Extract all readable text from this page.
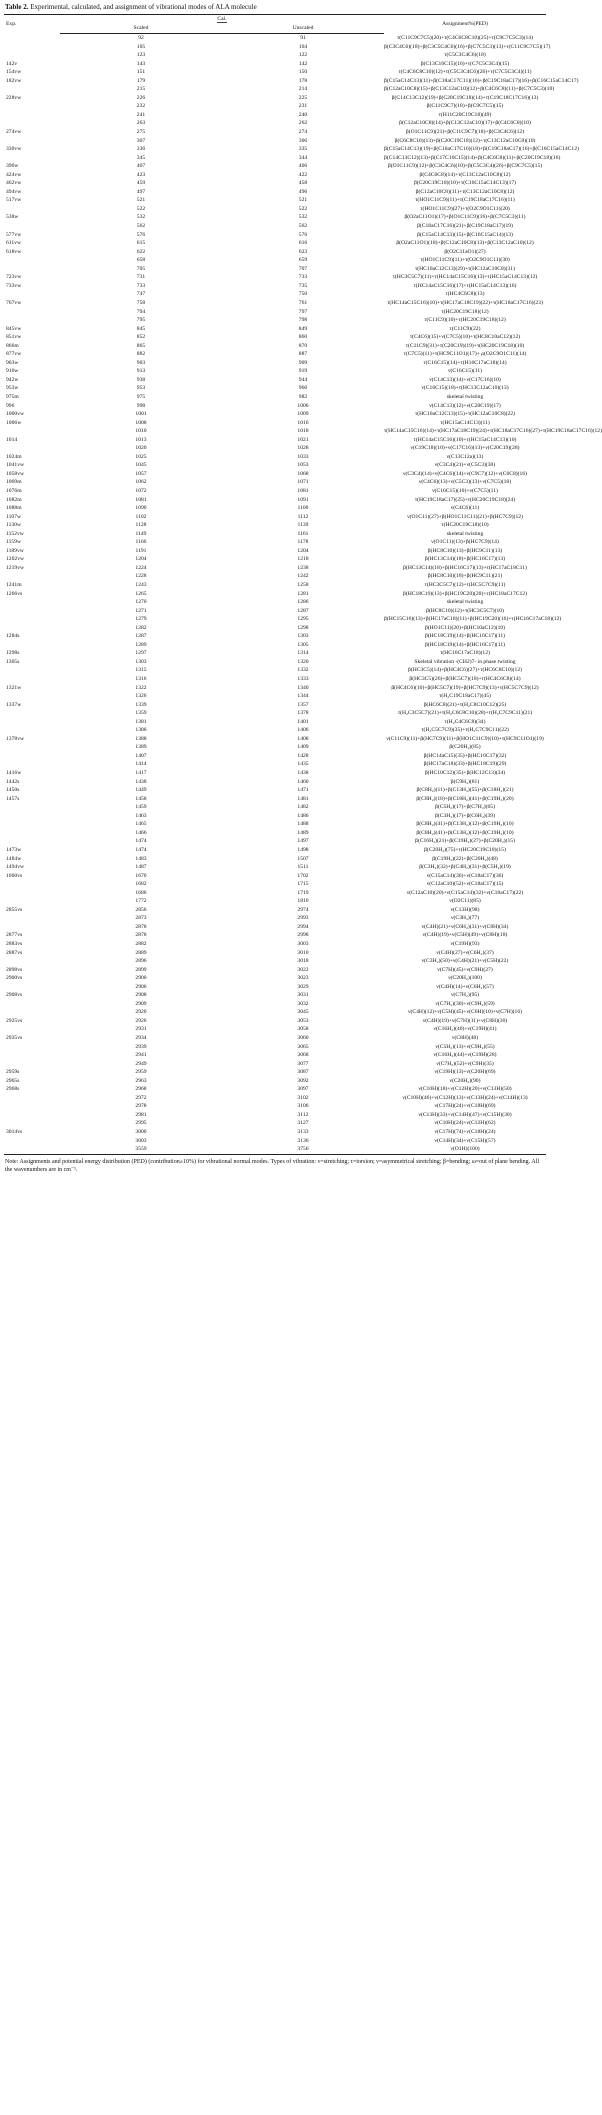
Table 2. Experimental, calculated, and assignment of vibrational modes of ALA molecule
Exp.	Cal.		Assignment%(PED)
	Scaled	Unscaled	
	92	91	τ(C11C9C7C5)(20)+τ(C4C6C8C10)(25)+τ(C9C7C5C3)(14)
	105	104	β(C3C4C6)(18)+β(C3C5C4C6)(16)+β(C7C5C3)(13)+τ(C11C9C7C5)(17)
	123	122	τ(C5C3C4C6)(18)
142v	143	142	β(C13C16C15)(16)+τ(C7C5C3C4)(15)
154vw	151	150	τ(C4C6C8C10)(12)+τ(C5C3C4C6)(26)+τ(C7C5C3C4)(11)
182vw	179	178	β(C15aC14C13)(11)+β(C18aC17C11)(16)+β(C19C18aC17)(16)+β(C16C15aC14C17)
	215	214	β(C12aC10C8)(15)+β(C13C12aC10)(12)+β(C4C6C8)(11)+β(C7C5C3)(10)
228vw	226	225	β(C14C13C12)(19)+β(C20C19C18)(14)+τ(C19C18C17C16)(13)
	232	231	β(C11C9C7)(18)+β(C9C7C5)(15)
	241	240	τ(H11C20C19C18)(49)
	263	262	β(C12aC10C8)(14)+β(C13C12aC10)(17)+β(C4C6C8)(10)
274vw	275	274	β(O1C11C9)(21)+β(C11C9C7)(18)+β(C3C4C6)(12)
	307	306	β(C6C8C10)(13)+β(C20C19C18)(12)+τ(C13C12aC10C8)(10)
330vw	336	335	β(C15aC14C13)(19)+β(C18aC17C16)(18)+β(C19C18aC17)(16)+β(C16C15aC14C12)
	345	344	β(C14C13C12)(13)+β(C17C16C15)(14)+β(C4C6C8)(11)+β(C20C19C18)(16)
396w	407	406	β(O1C11C9)(12)+β(C3C4C6)(10)+β(C5C3C4)(26)+β(C9C7C5)(15)
424vw	423	422	β(C4C6C8)(14)+τ(C13C12aC10C8)(12)
462vw	459	458	β(C20C19C18)(10)+τ(C16C15aC14C13)(17)
494vw	497	496	β(C12aC10C8)(11)+τ(C13C12aC10C8)(12)
517vw	521	521	τ(HO1C11C9)(11)+τ(C19C18aC17C16)(11)
	522	522	τ(HO1C11C9)(27)+τ(O2C9O1C11)(20)
538w	532	532	β(O2aC11O1)(17)+β(O1C11C9)(16)+β(C7C5C3)(11)
	562	562	β(C18aC17C16)(21)+β(C19C18aC17)(19)
577vw	576	576	β(C15aC14C13)(15)+β(C16C15aC14)(13)
611vw	615	616	β(O2aC11O1)(18)+β(C12aC10C8)(13)+β(C13C12aC10)(12)
618vw	622	623	β(O2C11aO1)(27)
	658	659	τ(HO1C11C9)(11)+τ(O2C9O1C11)(30)
	705	707	τ(HC10aC12C13)(29)+τ(HC12aC10C8)(31)
723vw	731	733	τ(HC3C5C7)(11)+τ(HC14aC15C16)(13)+τ(HC15aC14C13)(12)
733vw	733	735	τ(HC14aC15C16)(17)+τ(HC15aC14C13)(16)
	747	750	τ(HC4C6C8)(13)
767vw	758	761	τ(HC14aC15C16)(10)+τ(HC17aC18C19)(22)+τ(HC18aC17C16)(23)
	794	797	τ(HC20C19C18)(12)
	795	798	τ(C11C9)(10)+τ(HC20C19C18)(12)
845vw	845	849	τ(C11C9)(22)
851vw	852	860	τ(C4C6)(15)+ν(C7C5)(10)+τ(HC8C10aC12)(12)
866m	865	870	τ(C11C9)(31)+τ(C20C19)(19)+τ(HC20C19C18)(10)
877vw	882	887	τ(C7C5)(11)+τ(HC9C11O1)(17)+ ρ(O2C9O1C11)(14)
903w	903	909	τ(C16C15)(14)+τ(H16C17aC18)(14)
910w	913	919	ν(C16C15)(11)
942w	938	944	ν(C14C13)(14)+ν(C17C16)(10)
953w	953	960	ν(C16C15)(18)+τ(HC13C12aC10)(13)
975m	975	982	skeletal twisting
996	998	1006	ν(C14C13)(12)+ν(C20C19)(17)
1000vw	1001	1009	τ(HC10aC12C13)(15)+τ(HC12aC10C8)(22)
1006w	1008	1016	τ(HC15aC14C13)(11)
	1010	1018	τ(HC14aC15C16)(14)+τ(HC17aC18C19)(24)+τ(HC18aC17C16)(27)+τ(HC19C18aC17C16)(12)
1014	1013	1021	τ(HC14aC15C16)(10)+τ(HC15aC14C13)(10)
	1020	1028	ν(C19C18)(10)+ν(C17C16)(13)+ν(C20C19)(28)
1024m	1025	1033	ν(C13C12a)(13)
1041vw	1045	1053	ν(C3C4)(21)+ν(C5C3)(30)
1058vw	1057	1068	ν(C3C4)(14)+ν(C4C6)(14)+ν(C9C7)(12)+ν(C6C8)(16)
1069m	1062	1071	ν(C4C6)(13)+ν(C5C3)(13)+ν(C7C5)(18)
1076m	1072	1081	ν(C16C15)(10)+ν(C7C5)(11)
1082m	1081	1091	τ(HC19C18aC17)(25)+τ(HC20C19C18)(24)
1088m	1090	1100	ν(C4C6)(11)
1107w	1102	1112	ν(O1C11)(27)+β(HO1C11C11)(21)+β(HC7C9)(12)
1130w	1128	1139	τ(HC20C19C18)(10)
1152vw	1149	1161	skeletal twisting
1159w	1166	1178	ν(O1C11)(13)+β(HC7C9)(14)
1189vw	1191	1204	β(HC8C10)(13)+β(HC9C11)(13)
1202vw	1204	1218	β(HC13C14)(18)+β(HC16C17)(13)
1219vw	1224	1238	β(HC13C14)(18)+β(HC16C17)(13)+τ(HC17aC18C11)
	1228	1242	β(HC8C10)(18)+β(HC9C11)(21)
1241m	1243	1258	τ(HC3C5C7)(12)+τ(HC5C7C9)(11)
1266vs	1265	1281	β(HC18C19)(13)+β(HC19C20)(20)+τ(HC18aC17C12)
	1270	1286	skeletal twisting
	1271	1287	β(HC8C10)(12)+τ(HC3C5C7)(10)
	1279	1295	β(HC15C16)(13)+β(HC17aC18)(11)+β(HC19C20)(16)+τ(HC16C17aC18)(12)
	1282	1298	β(HO1C11)(20)+β(HC10aC12)(10)
1284s	1287	1303	β(HC18C19)(14)+β(HC16C17)(11)
	1289	1305	β(HC18C19)(14)+β(HC16C17)(11)
1298s	1297	1314	τ(HC16C17aC18)(12)
1305s	1303	1320	Skeletal vibration -(CH2)7- in phase twisting
	1315	1332	β(HC3C5)(14)+β(HC4C6)(27)+τ(HC6C8C10)(12)
	1316	1333	β(HC3C5)(26)+β(HC5C7)(18)+τ(HC4C6C8)(14)
1321w	1322	1340	β(HC4C6)(10)+β(HC5C7)(19)+β(HC7C9)(13)+τ(HC5C7C9)(12)
	1326	1344	τ(H₂C19C18aC17)(45)
1337w	1339	1357	β(HC6C8)(21)+τ(H₂C8C10C12)(25)
	1359	1378	τ(H₂C3C5C7)(21)+τ(H₂C6C8C10)(28)+τ(H₂C7C9C11)(21)
	1381	1401	τ(H₂C4C6C8)(34)
	1386	1406	τ(H₂C5C7C9)(35)+τ(H₂C7C9C11)(22)
1378vw	1388	1408	ν(C11C9)(11)+β(HC7C9)(11)+β(HO1C11C9)(10)+τ(HC9C11O1)(19)
	1389	1409	β(C20H₂)(85)
	1407	1428	β(HC14aC15)(35)+β(HC16C17)(32)
	1414	1435	β(HC17aC18)(33)+β(HC18C19)(29)
1416w	1417	1438	β(HC10C12)(35)+β(HC12C13)(34)
1442s	1438	1460	β(C9H₂)(81)
1450s	1449	1471	β(C8H₂)(11)+β(C13H₂)(55)+β(C18H₂)(21)
1457s	1458	1481	β(C8H₂)(18)+β(C18H₂)(41)+β(C19H₂)(20)
	1459	1482	β(C5H₂)(17)+β(C7H₂)(65)
	1463	1486	β(C3H₂)(17)+β(C6H₂)(39)
	1465	1488	β(C8H₂)(41)+β(C13H₂)(12)+β(C19H₂)(10)
	1466	1489	β(C8H₂)(41)+β(C13H₂)(12)+β(C19H₂)(10)
	1474	1497	β(C16H₂)(21)+β(C19H₂)(27)+β(C20H₂)(15)
1473w	1474	1498	β(C20H₂)(75)+τ(HC20C19C18)(15)
1484w	1483	1507	β(C19H₂)(22)+β(C20H₂)(48)
1494vw	1487	1511	β(C3H₂)(32)+β(C4H₂)(31)+β(C5H₂)(19)
1660vs	1670	1702	ν(C15aC14)(36)+ν(C18aC17)(36)
	1682	1715	ν(C12aC10)(52)+ν(C18aC17)(15)
	1686	1719	ν(C12aC10)(20)+ν(C15aC14)(32)+ν(C18aC17)(22)
	1772	1810	ν(O2C11)(85)
2855vs	2856	2974	ν(C13H)(98)
	2873	2993	ν(C3H₂)(77)
	2878	2994	ν(C4H)(21)+ν(C6H₂)(31)+ν(C8H)(34)
2877vs	2878	2998	ν(C4H)(19)+ν(C5H)(49)+ν(C8H)(18)
2883vs	2882	3003	ν(C19H)(93)
2887vs	2889	3010	ν(C4H)(27)+ν(C6H₂)(37)
	2896	3018	ν(C3H₂)(50)+ν(C4H)(21)+ν(C5H)(22)
2898vs	2899	3022	ν(C7H)(45)+ν(C9H)(27)
2900vs	2900	3023	ν(C20H₂)(100)
	2906	3029	ν(C4H)(14)+ν(C6H₂)(57)
2908vs	2908	3031	ν(C7H₂)(95)
	2909	3032	ν(C7H₂)(30)+ν(C9H₂)(59)
	2920	3045	ν(C4H)(12)+ν(C5H)(45)+ν(C6H)(10)+ν(C7H)(16)
2925vs	2926	3053	ν(C4H)(19)+ν(C7H)(11)+ν(C8H)(30)
	2931	3058	ν(C16H₂)(40)+ν(C19H)(41)
2935vs	2934	3060	ν(C8H)(48)
	2939	3065	ν(C5H₂)(13)+ν(C9H₂)(55)
	2941	3068	ν(C16H₂)(44)+ν(C19H)(28)
	2949	3077	ν(C7H₂)(52)+ν(C9H)(35)
2959s	2959	3087	ν(C19H)(13)+ν(C20H)(69)
2965s	2963	3092	ν(C20H₂)(90)
2968s	2968	3097	ν(C10H)(18)+ν(C12H)(20)+ν(C13H)(50)
	2972	3102	ν(C10H)(46)+ν(C12H)(13)+ν(C13H)(24)+ν(C14H)(13)
	2978	3106	ν(C17H)(24)+ν(C18H)(69)
	2981	3112	ν(C13H)(33)+ν(C14H)(47)+ν(C15H)(30)
	2995	3127	ν(C10H)(24)+ν(C12H)(62)
3014vs	3000	3133	ν(C17H)(74)+ν(C18H)(24)
	3003	3136	ν(C14H)(34)+ν(C15H)(57)
	3559	3756	ν(O1H)(100)
Note: Assignments and potential energy distribution (PED) (contribution≥10%) for vibrational normal modes. Types of vibration: ν=stretching; τ=torsion; ν=asymmetrical stretching; β=bending; ω=out of plane bending. All the wavenumbers are in cm⁻¹.
